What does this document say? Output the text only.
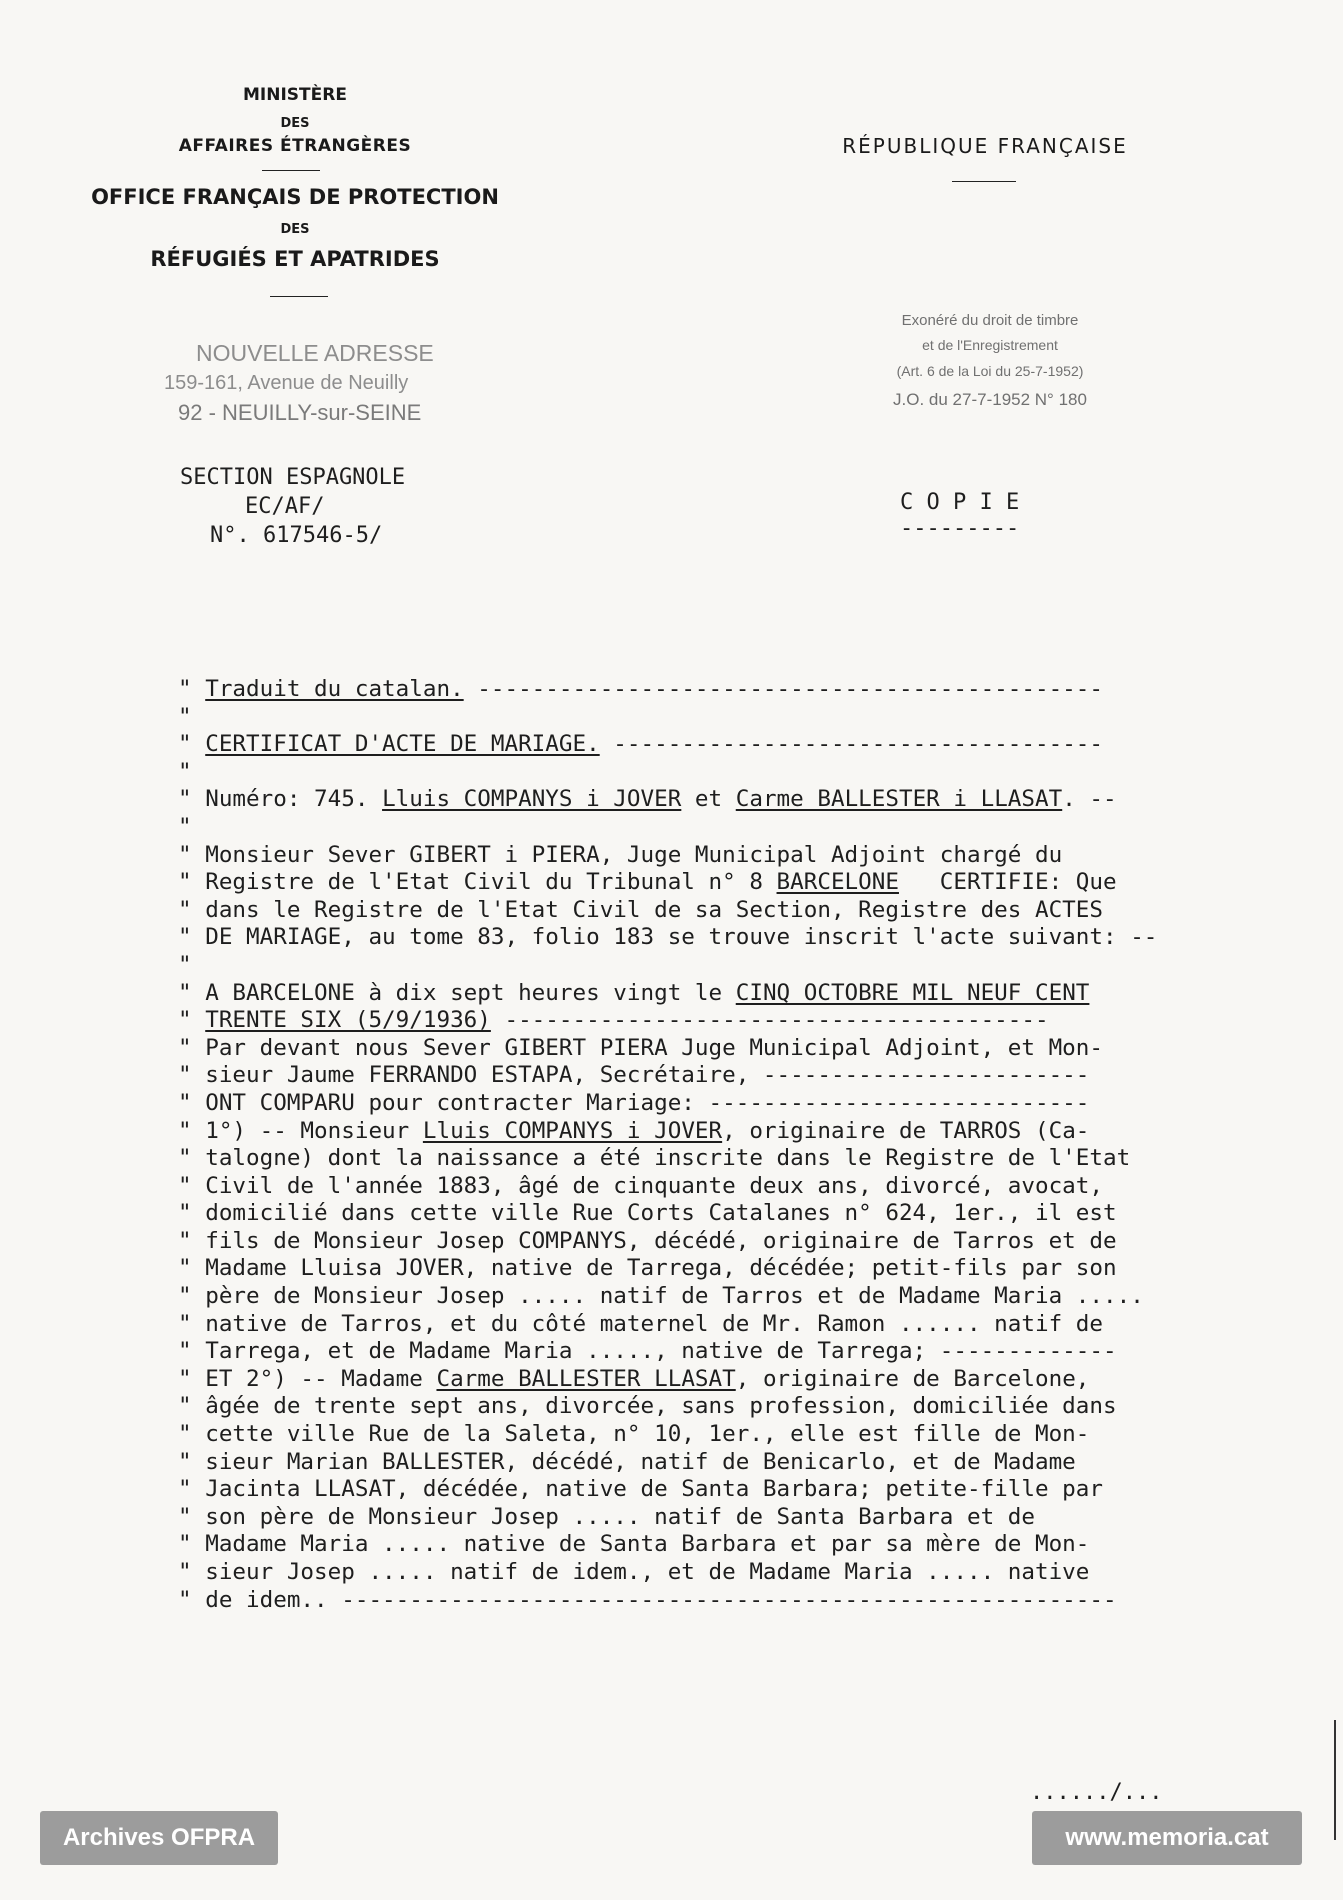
MINISTÈRE
DES
AFFAIRES ÉTRANGÈRES
OFFICE FRANÇAIS DE PROTECTION
DES
RÉFUGIÉS ET APATRIDES
RÉPUBLIQUE FRANÇAISE
NOUVELLE ADRESSE
159-161, Avenue de Neuilly
92 - NEUILLY-sur-SEINE
Exonéré du droit de timbre
et de l'Enregistrement
(Art. 6 de la Loi du 25-7-1952)
J.O. du 27-7-1952 N° 180
SECTION ESPAGNOLE
EC/AF/
N°. 617546-5/
C O P I E
---------
" Traduit du catalan. ----------------------------------------------
"
" CERTIFICAT D'ACTE DE MARIAGE. ------------------------------------
"
" Numéro: 745. Lluis COMPANYS i JOVER et Carme BALLESTER i LLASAT. --
"
" Monsieur Sever GIBERT i PIERA, Juge Municipal Adjoint chargé du
" Registre de l'Etat Civil du Tribunal n° 8 BARCELONE   CERTIFIE: Que
" dans le Registre de l'Etat Civil de sa Section, Registre des ACTES
" DE MARIAGE, au tome 83, folio 183 se trouve inscrit l'acte suivant: --
"
" A BARCELONE à dix sept heures vingt le CINQ OCTOBRE MIL NEUF CENT
" TRENTE SIX (5/9/1936) ----------------------------------------
" Par devant nous Sever GIBERT PIERA Juge Municipal Adjoint, et Mon-
" sieur Jaume FERRANDO ESTAPA, Secrétaire, ------------------------
" ONT COMPARU pour contracter Mariage: ----------------------------
" 1°) -- Monsieur Lluis COMPANYS i JOVER, originaire de TARROS (Ca-
" talogne) dont la naissance a été inscrite dans le Registre de l'Etat
" Civil de l'année 1883, âgé de cinquante deux ans, divorcé, avocat,
" domicilié dans cette ville Rue Corts Catalanes n° 624, 1er., il est
" fils de Monsieur Josep COMPANYS, décédé, originaire de Tarros et de
" Madame Lluisa JOVER, native de Tarrega, décédée; petit-fils par son
" père de Monsieur Josep ..... natif de Tarros et de Madame Maria .....
" native de Tarros, et du côté maternel de Mr. Ramon ...... natif de
" Tarrega, et de Madame Maria ....., native de Tarrega; -------------
" ET 2°) -- Madame Carme BALLESTER LLASAT, originaire de Barcelone,
" âgée de trente sept ans, divorcée, sans profession, domiciliée dans
" cette ville Rue de la Saleta, n° 10, 1er., elle est fille de Mon-
" sieur Marian BALLESTER, décédé, natif de Benicarlo, et de Madame
" Jacinta LLASAT, décédée, native de Santa Barbara; petite-fille par
" son père de Monsieur Josep ..... natif de Santa Barbara et de
" Madame Maria ..... native de Santa Barbara et par sa mère de Mon-
" sieur Josep ..... natif de idem., et de Madame Maria ..... native
" de idem.. ---------------------------------------------------------
....../...
Archives OFPRA	www.memoria.cat
